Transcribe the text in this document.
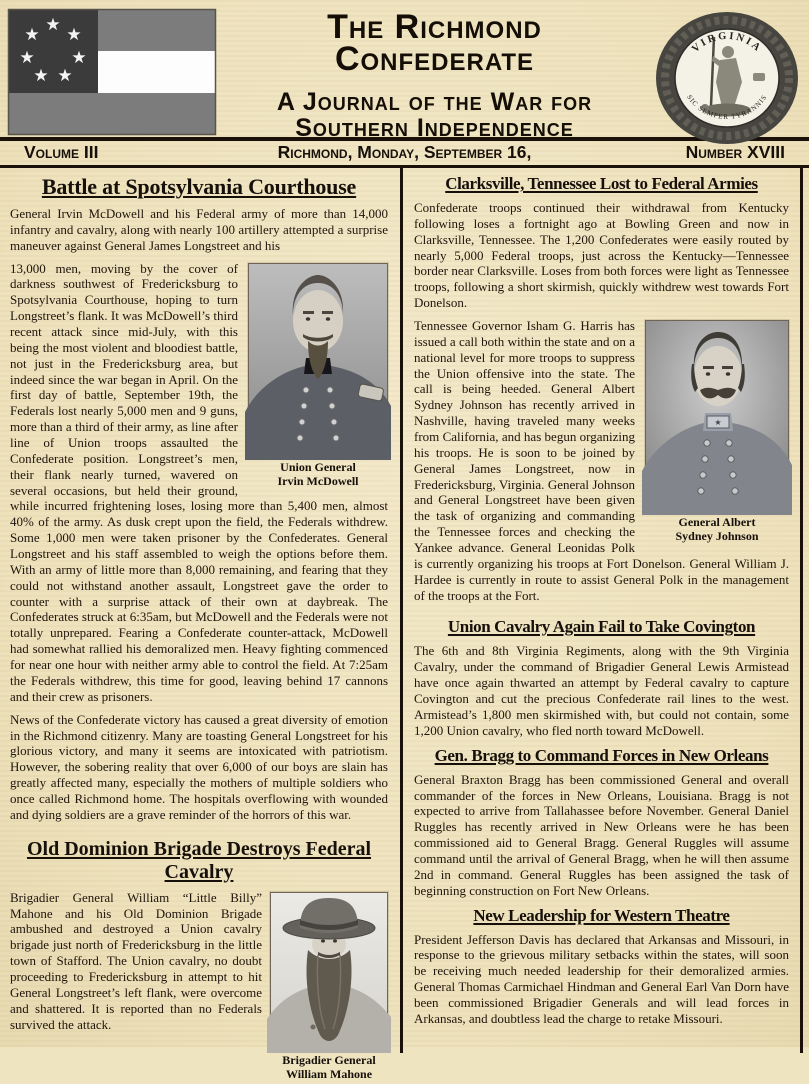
★ ★
★
★
★
★
★	The Richmond
Confederate
A Journal of the War for
Southern Independence
VIRGINIA
SIC SEMPER TYRANNIS
Volume III	Richmond, Monday, September 16,	Number XVIII
Battle at Spotsylvania Courthouse

General Irvin McDowell and his Federal army of more than 14,000 infantry and cavalry, along with nearly 100 artillery attempted a surprise maneuver against General James Longstreet and his

Union General
Irvin McDowell

13,000 men, moving by the cover of darkness southwest of Fredericksburg to Spotsylvania Courthouse, hoping to turn Longstreet’s flank. It was McDowell’s third recent attack since mid-July, with this being the most violent and bloodiest battle, not just in the Fredericksburg area, but indeed since the war began in April. On the first day of battle, September 19th, the Federals lost nearly 5,000 men and 9 guns, more than a third of their army, as line after line of Union troops assaulted the Confederate position. Longstreet’s men, their flank nearly turned, wavered on several occasions, but held their ground, while incurred frightening loses, losing more than 5,400 men, almost 40% of the army. As dusk crept upon the field, the Federals withdrew. Some 1,000 men were taken prisoner by the Confederates. General Longstreet and his staff assembled to weigh the options before them. With an army of little more than 8,000 remaining, and fearing that they could not withstand another assault, Longstreet gave the order to counter with a surprise attack of their own at daybreak. The Confederates struck at 6:35am, but McDowell and the Federals were not totally unprepared. Fearing a Confederate counter-attack, McDowell had somewhat rallied his demoralized men. Heavy fighting commenced for near one hour with neither army able to control the field. At 7:25am the Federals withdrew, this time for good, leaving behind 17 cannons and their crew as prisoners.

News of the Confederate victory has caused a great diversity of emotion in the Richmond citizenry. Many are toasting General Longstreet for his glorious victory, and many it seems are intoxicated with patriotism. However, the sobering reality that over 6,000 of our boys are slain has greatly affected many, especially the mothers of multiple soldiers who once called Richmond home. The hospitals overflowing with wounded and dying soldiers are a grave reminder of the horrors of this war.

Old Dominion Brigade Destroys Federal Cavalry
Brigadier General
William Mahone

Brigadier General William “Little Billy” Mahone and his Old Dominion Brigade ambushed and destroyed a Union cavalry brigade just north of Fredericksburg in the little town of Stafford. The Union cavalry, no doubt proceeding to Fredericksburg in attempt to hit General Longstreet’s left flank, were overcome and shattered. It is reported than no Federals survived the attack.

Clarksville, Tennessee Lost to Federal Armies

Confederate troops continued their withdrawal from Kentucky following loses a fortnight ago at Bowling Green and now in Clarksville, Tennessee. The 1,200 Confederates were easily routed by nearly 5,000 Federal troops, just across the Kentucky—Tennessee border near Clarksville. Loses from both forces were light as Tennessee troops, following a short skirmish, quickly withdrew west towards Fort Donelson.

★
General Albert
Sydney Johnson

Tennessee Governor Isham G. Harris has issued a call both within the state and on a national level for more troops to suppress the Union offensive into the state. The call is being heeded. General Albert Sydney Johnson has recently arrived in Nashville, having traveled many weeks from California, and has begun organizing his troops. He is soon to be joined by General James Longstreet, now in Fredericksburg, Virginia. General Johnson and General Longstreet have been given the task of organizing and commanding the Tennessee forces and checking the Yankee advance. General Leonidas Polk is currently organizing his troops at Fort Donelson. General William J. Hardee is currently in route to assist General Polk in the management of the troops at the Fort.

Union Cavalry Again Fail to Take Covington

The 6th and 8th Virginia Regiments, along with the 9th Virginia Cavalry, under the command of Brigadier General Lewis Armistead have once again thwarted an attempt by Federal cavalry to capture Covington and cut the precious Confederate rail lines to the west. Armistead’s 1,800 men skirmished with, but could not contain, some 1,200 Union cavalry, who fled north toward McDowell.

Gen. Bragg to Command Forces in New Orleans

General Braxton Bragg has been commissioned General and overall commander of the forces in New Orleans, Louisiana. Bragg is not expected to arrive from Tallahassee before November. General Daniel Ruggles has recently arrived in New Orleans were he has been commissioned aid to General Bragg. General Ruggles will assume command until the arrival of General Bragg, when he will then assume 2nd in command. General Ruggles has been assigned the task of beginning construction on Fort New Orleans.

New Leadership for Western Theatre

President Jefferson Davis has declared that Arkansas and Missouri, in response to the grievous military setbacks within the states, will soon be receiving much needed leadership for their demoralized armies. General Thomas Carmichael Hindman and General Earl Van Dorn have been commissioned Brigadier Generals and will lead forces in Arkansas, and doubtless lead the charge to retake Missouri.
